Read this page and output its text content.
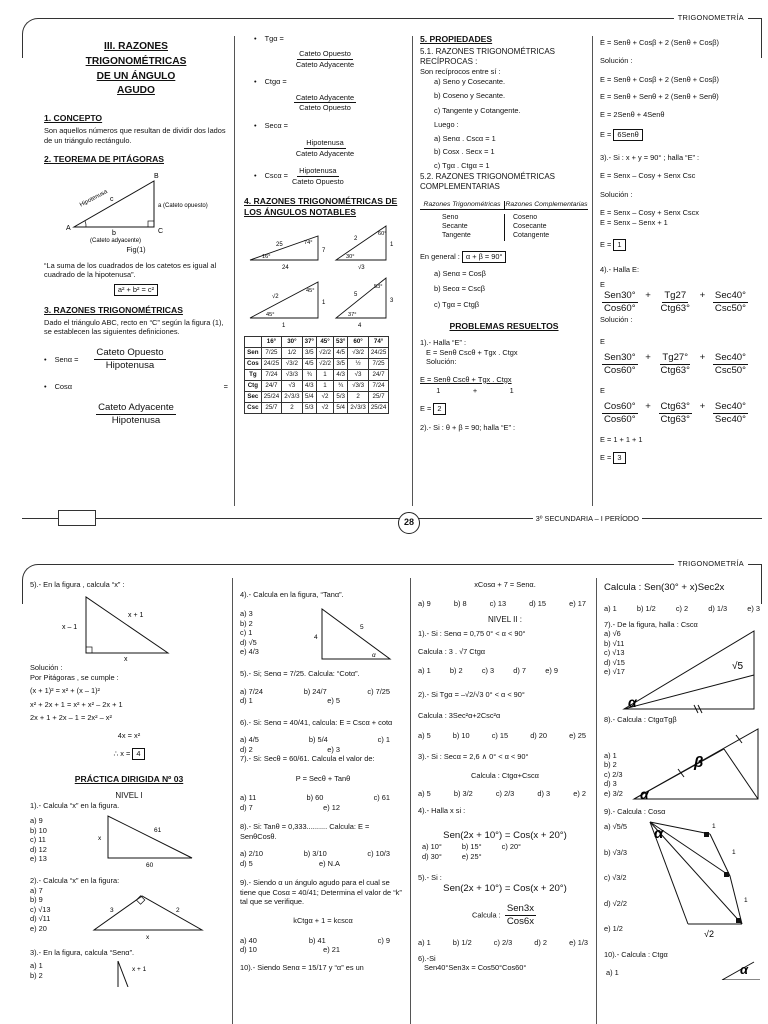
TRIGONOMETRÍA
III. RAZONES
TRIGONOMÉTRICAS
DE UN ÁNGULO
AGUDO
1. CONCEPTO
Son aquellos números que resultan de dividir dos lados de un triángulo rectángulo.
2. TEOREMA DE PITÁGORAS
Hipotenusa c
a (Cateto opuesto)
b
A
B
C
(Cateto adyacente)
Fig(1)
“La suma de los cuadrados de los catetos es igual al cuadrado de la hipotenusa”.
a² + b² = c²
3. RAZONES TRIGONOMÉTRICAS
Dado el triángulo ABC, recto en “C” según la figura (1), se establecen las siguientes definiciones.
• $Sen\alpha = \frac{\text{Cateto Opuesto}}{\text{Hipotenusa}}$
• Cosα	=
$\frac{\text{Cateto Adyacente}}{\text{Hipotenusa}}$
• Tgα =
$\frac{\text{Cateto Opuesto}}{\text{Cateto Adyacente}}$
• Ctgα =
$\frac{\text{Cateto Adyacente}}{\text{Cateto Opuesto}}$
• Secα =
$\frac{\text{Hipotenusa}}{\text{Cateto Adyacente}}$
• $Csc\alpha = \frac{\text{Hipotenusa}}{\text{Cateto Opuesto}}$
4. RAZONES TRIGONOMÉTRICAS DE LOS ÁNGULOS NOTABLES
25	74°
16°
7
24
2
60°
30°
1
√3
√2
45°
45°
1
1
5
53°
37°
3
4
	16°	30°	37°	45°	53°	60°	74°
Sen	7/25	1/2	3/5	√2/2	4/5	√3/2	24/25
Cos	24/25	√3/2	4/5	√2/2	3/5	½	7/25
Tg	7/24	√3/3	¾	1	4/3	√3	24/7
Ctg	24/7	√3	4/3	1	¾	√3/3	7/24
Sec	25/24	2√3/3	5/4	√2	5/3	2	25/7
Csc	25/7	2	5/3	√2	5/4	2√3/3	25/24
5. PROPIEDADES
5.1. RAZONES TRIGONOMÉTRICAS RECÍPROCAS :
Son recíprocos entre sí :
a) Seno y Cosecante.
b) Coseno y Secante.
c) Tangente y Cotangente.
Luego :
a) Senα . Cscα = 1
b) Cosx . Secx = 1
c) Tgα . Ctgα = 1
5.2. RAZONES TRIGONOMÉTRICAS COMPLEMENTARIAS
Razones Trigonométricas Razones Complementarias
Seno
Secante
Tangente
Coseno
Cosecante
Cotangente
En general : α + β = 90°
a) Senα = Cosβ
b) Secα = Cscβ
c) Tgα = Ctgβ
PROBLEMAS RESUELTOS
1).- Halla “E” :
E = Senθ Cscθ + Tgx . Ctgx
Solución:
E = Senθ Cscθ + Tgx . Ctgx
1	+	1
E = 2
2).- Si : θ + β = 90; halla “E” :
E = Senθ + Cosβ + 2 (Senθ + Cosβ)
Solución :
E = Senθ + Cosβ + 2 (Senθ + Cosβ)
E = Senθ + Senθ + 2 (Senθ + Senθ)
E = 2Senθ + 4Senθ
E = 6Senθ
3).- Si : x + y = 90° ; halla “E” :
E = Senx – Cosy + Senx Csc
Solución :
E = Senx – Cosy + Senx Cscx
E = Senx – Senx + 1
E = 1
4).- Halla E:
E
$\frac{\text{Sen30°}}{\text{Cos60°}} + \frac{Tg27}{\text{Ctg63°}} + \frac{\text{Sec40°}}{\text{Csc50°}}$
Solución :
E
$\frac{\text{Sen30°}}{\text{Cos60°}} + \frac{Tg27^\circ}{\text{Ctg63°}} + \frac{\text{Sec40°}}{\text{Csc50°}}$
E
$\frac{\text{Cos60°}}{\text{Cos60°}} + \frac{\text{Ctg63°}}{\text{Ctg63°}} + \frac{\text{Sec40°}}{\text{Sec40°}}$
E = 1 + 1 + 1
E = 3
28	3º SECUNDARIA – I PERÍODO
TRIGONOMETRÍA
5).- En la figura , calcula “x” :
x – 1
x + 1
x
Solución :
Por Pitágoras , se cumple :
(x + 1)² = x² + (x – 1)²
x² + 2x + 1 = x² + x² – 2x + 1
2x + 1 + 2x – 1 = 2x² – x²
4x = x²
∴ x = 4
PRÁCTICA DIRIGIDA Nº 03
NIVEL I
1).- Calcula “x” en la figura.
a) 9
b) 10
c) 11
d) 12
e) 13
61
x
60
2).- Calcula “x” en la figura:
a) 7
b) 9
c) √13
d) √11
e) 20
3	2
x
3).- En la figura, calcula “Senα”.
a) 1
b) 2
x + 1
4).- Calcula en la figura, “Tanα”.
a) 3
b) 2
c) 1
d) √5
e) 4/3
5
4
α
5).- Si; Senα = 7/25. Calcula: “Cotα”.
a) 7/24	b) 24/7	c) 7/25
d) 1	e) 5
6).- Si: Senα = 40/41, calcula: E = Cscα + cotα
a) 4/5	b) 5/4	c) 1
d) 2	e) 3
7).- Si: Secθ = 60/61. Calcula el valor de:
P = Secθ + Tanθ
a) 11	b) 60	c) 61
d) 7	e) 12
8).- Si: Tanθ = 0,333.......... Calcula: E = SenθCosθ.
a) 2/10	b) 3/10	c) 10/3
d) 5	e) N.A
9).- Siendo α un ángulo agudo para el cual se tiene que Cosα = 40/41; Determina el valor de “k” tal que se verifique.
kCtgα + 1 = kcscα
a) 40	b) 41	c) 9
d) 10	e) 21
10).- Siendo Senα = 15/17 y “α” es un
xCosα + 7 = Senα.
a) 9	b) 8	c) 13	d) 15	e) 17
NIVEL II :
1).- Si : Senα = 0,75 0° < α < 90°
Calcula : 3 . √7 Ctgα
a) 1	b) 2	c) 3	d) 7	e) 9
2).- Si Tgα = –√2/√3 0° < α < 90°
Calcula : 3Sec²α+2Csc²α
a) 5	b) 10	c) 15	d) 20	e) 25
3).- Si : Secα = 2,6 ∧ 0° < α < 90°
Calcula : Ctgα+Cscα
a) 5	b) 3/2	c) 2/3	d) 3	e) 2
4).- Halla x si :
Sen(2x + 10°) = Cos(x + 20°)
a) 10°
d) 30°
b) 15°
e) 25°
c) 20°
5).- Si :
Sen(2x + 10°) = Cos(x + 20°)
Calcula : $\frac{\text{Sen3x}}{\text{Cos6x}}$
a) 1	b) 1/2	c) 2/3	d) 2	e) 1/3
6).-Si
Sen40°Sen3x = Cos50°Cos60°
Calcula : Sen(30° + x)Sec2x
a) 1	b) 1/2	c) 2	d) 1/3	e) 3
7).- De la figura, halla : Cscα
a) √6
b) √11
c) √13
d) √15
e) √17	√5
α
8).- Calcula : CtgαTgβ
a) 1
b) 2
c) 2/3
d) 3
e) 3/2
β
α
9).- Calcula : Cosα
a) √5/5
b) √3/3
c) √3/2
d) √2/2
e) 1/2
α	1
1
1
√2
10).- Calcula : Ctgα
a) 1	α
